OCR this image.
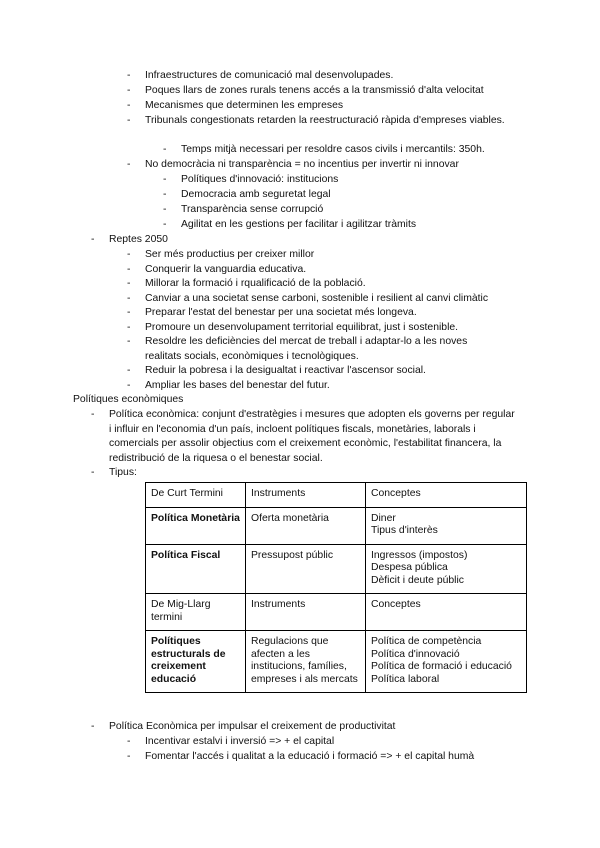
- Infraestructures de comunicació mal desenvolupades.
- Poques llars de zones rurals tenens accés a la transmissió d'alta velocitat
- Mecanismes que determinen les empreses
- Tribunals congestionats retarden la reestructuració ràpida d'empreses viables.
- Temps mitjà necessari per resoldre casos civils i mercantils: 350h.
- No democràcia ni transparència = no incentius per invertir ni innovar
- Polítiques d'innovació: institucions
- Democracia amb seguretat legal
- Transparència sense corrupció
- Agilitat en les gestions per facilitar i agilitzar tràmits
- Reptes 2050
- Ser més productius per creixer millor
- Conquerir la vanguardia educativa.
- Millorar la formació i rqualificació de la població.
- Canviar a una societat sense carboni, sostenible i resilient al canvi climàtic
- Preparar l'estat del benestar per una societat més longeva.
- Promoure un desenvolupament territorial equilibrat, just i sostenible.
- Resoldre les deficiències del mercat de treball i adaptar-lo a les noves realitats socials, econòmiques i tecnològiques.
- Reduir la pobresa i la desigualtat i reactivar l'ascensor social.
- Ampliar les bases del benestar del futur.
Polítiques econòmiques
- Política econòmica: conjunt d'estratègies i mesures que adopten els governs per regular i influir en l'economia d'un país, incloent polítiques fiscals, monetàries, laborals i comercials per assolir objectius com el creixement econòmic, l'estabilitat financera, la redistribució de la riquesa o el benestar social.
- Tipus:
De Curt Termini	Instruments	Conceptes
Política Monetària	Oferta monetària	Diner
Tipus d'interès

Política Fiscal	Pressupost públic	Ingressos (impostos)
Despesa pública
Dèficit i deute públic

De Mig-Llarg termini	Instruments	Conceptes
Polítiques estructurals de creixement educació	Regulacions que afecten a les institucions, famílies, empreses i als mercats	Política de competència
Política d'innovació
Política de formació i educació
Política laboral
- Política Econòmica per impulsar el creixement de productivitat
- Incentivar estalvi i inversió => + el capital
- Fomentar l'accés i qualitat a la educació i formació => + el capital humà
